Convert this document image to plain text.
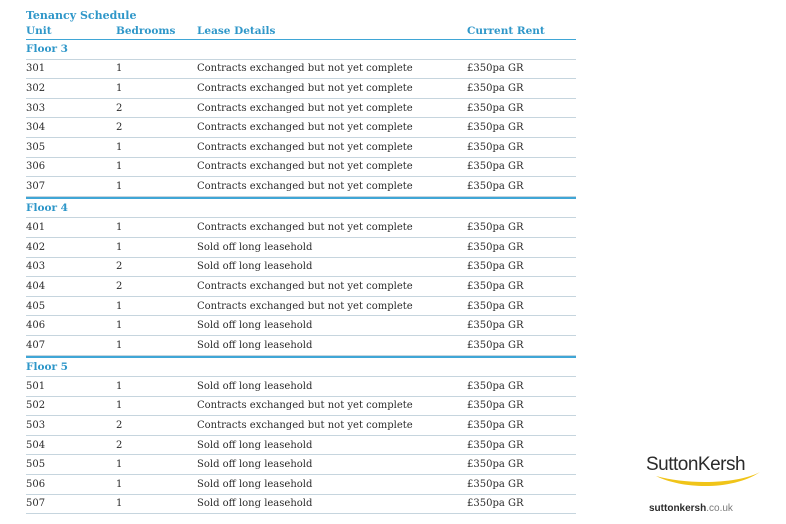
Tenancy Schedule
Unit	Bedrooms	Lease Details	Current Rent
Floor 3
301	1	Contracts exchanged but not yet complete	£350pa GR
302	1	Contracts exchanged but not yet complete	£350pa GR
303	2	Contracts exchanged but not yet complete	£350pa GR
304	2	Contracts exchanged but not yet complete	£350pa GR
305	1	Contracts exchanged but not yet complete	£350pa GR
306	1	Contracts exchanged but not yet complete	£350pa GR
307	1	Contracts exchanged but not yet complete	£350pa GR
Floor 4
401	1	Contracts exchanged but not yet complete	£350pa GR
402	1	Sold off long leasehold	£350pa GR
403	2	Sold off long leasehold	£350pa GR
404	2	Contracts exchanged but not yet complete	£350pa GR
405	1	Contracts exchanged but not yet complete	£350pa GR
406	1	Sold off long leasehold	£350pa GR
407	1	Sold off long leasehold	£350pa GR
Floor 5
501	1	Sold off long leasehold	£350pa GR
502	1	Contracts exchanged but not yet complete	£350pa GR
503	2	Contracts exchanged but not yet complete	£350pa GR
504	2	Sold off long leasehold	£350pa GR
505	1	Sold off long leasehold	£350pa GR
506	1	Sold off long leasehold	£350pa GR
507	1	Sold off long leasehold	£350pa GR
SuttonKersh
suttonkersh.co.uk
